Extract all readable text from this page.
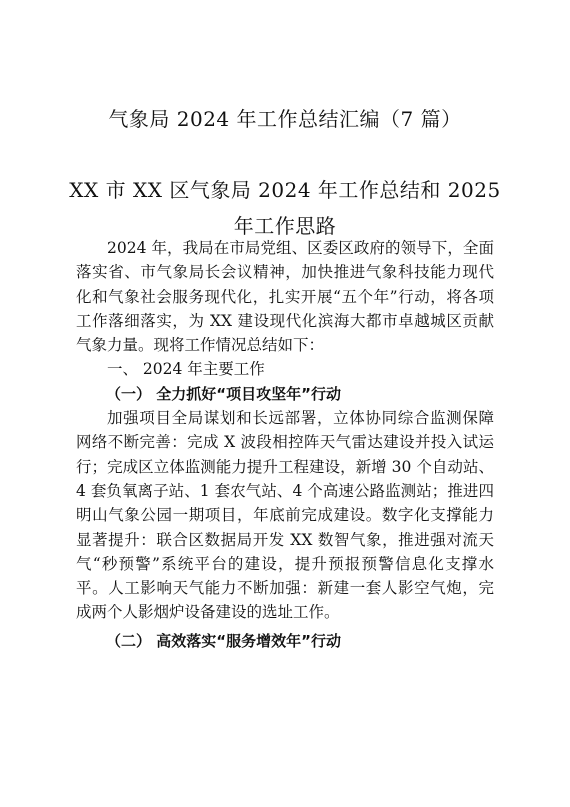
气象局 2024 年工作总结汇编（7 篇）
XX 市 XX 区气象局 2024 年工作总结和 2025 年工作思路

2024 年，我局在市局党组、区委区政府的领导下，全面落实省、市气象局长会议精神，加快推进气象科技能力现代化和气象社会服务现代化，扎实开展“五个年”行动，将各项工作落细落实，为 XX 建设现代化滨海大都市卓越城区贡献气象力量。现将工作情况总结如下：

一、 2024 年主要工作

（一） 全力抓好“项目攻坚年”行动

加强项目全局谋划和长远部署，立体协同综合监测保障网络不断完善：完成 X 波段相控阵天气雷达建设并投入试运行；完成区立体监测能力提升工程建设，新增 30 个自动站、4 套负氧离子站、1 套农气站、4 个高速公路监测站；推进四明山气象公园一期项目，年底前完成建设。数字化支撑能力显著提升：联合区数据局开发 XX 数智气象，推进强对流天气“秒预警”系统平台的建设，提升预报预警信息化支撑水平。人工影响天气能力不断加强：新建一套人影空气炮，完成两个人影烟炉设备建设的选址工作。

（二） 高效落实“服务增效年”行动
